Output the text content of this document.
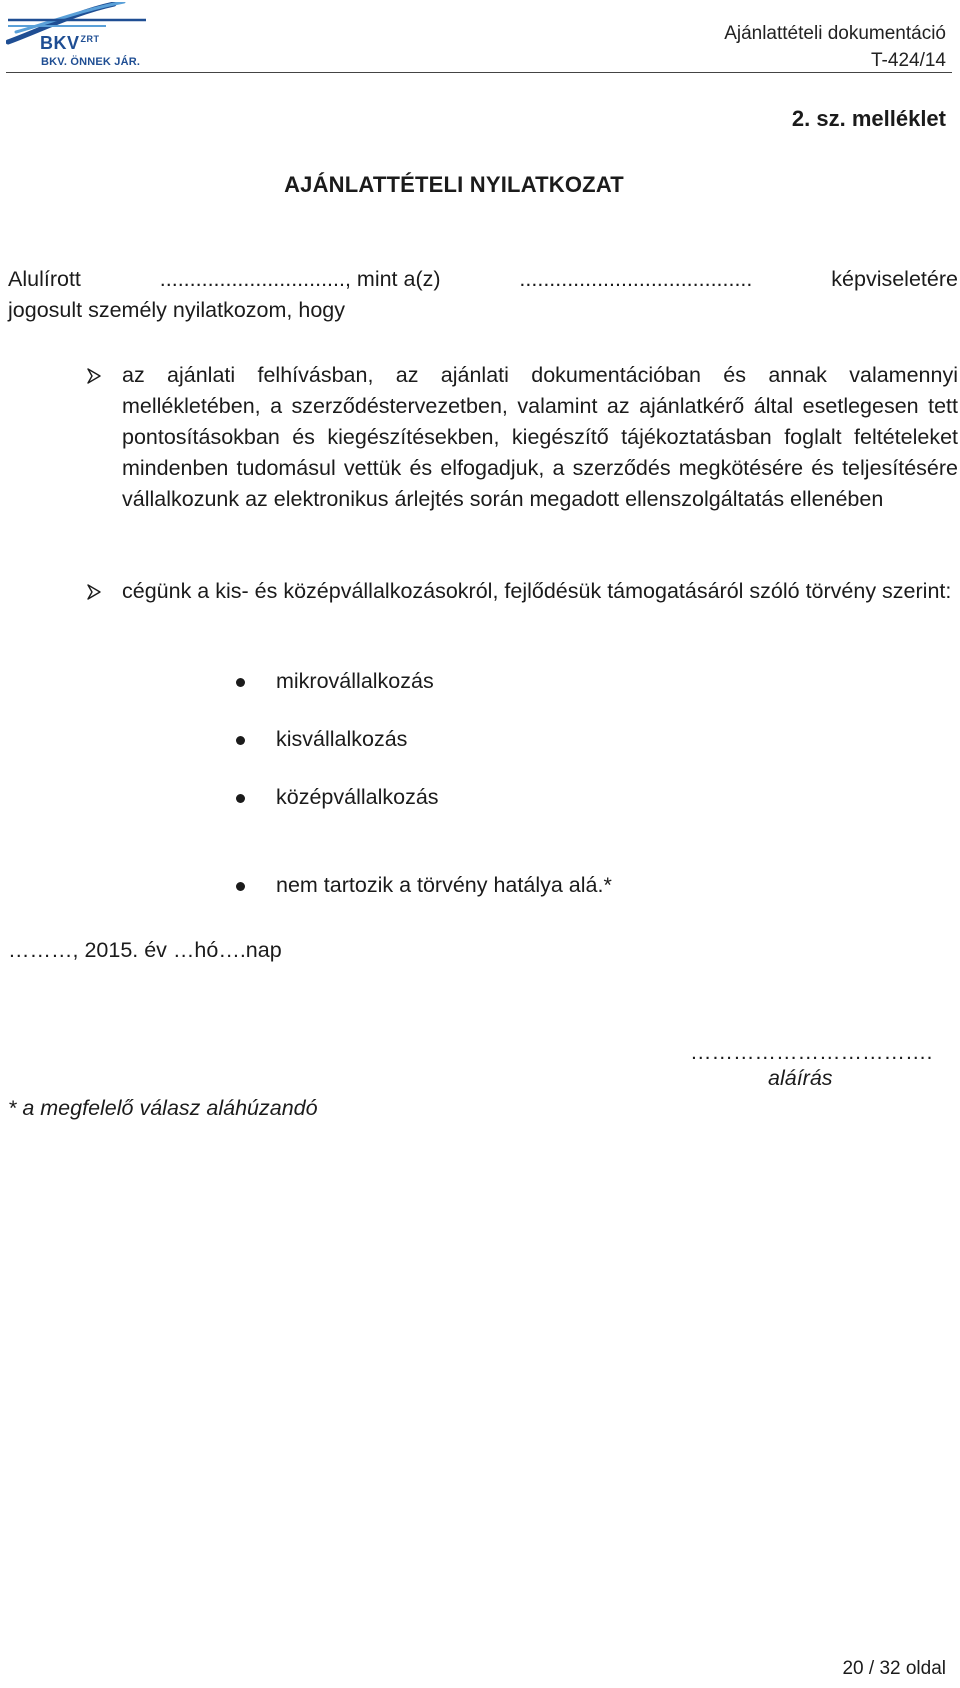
$BKV^{ZRT}$
BKV. ÖNNEK JÁR.
Ajánlattételi dokumentáció
T-424/14
2. sz. melléklet
AJÁNLATTÉTELI NYILATKOZAT
Alulírott	..............................., mint a(z)	.......................................	képviseletére
jogosult személy nyilatkozom, hogy
az ajánlati felhívásban, az ajánlati dokumentációban és annak valamennyi mellékletében, a szerződéstervezetben, valamint az ajánlatkérő által esetlegesen tett pontosításokban és kiegészítésekben, kiegészítő tájékoztatásban foglalt feltételeket mindenben tudomásul vettük és elfogadjuk, a szerződés megkötésére és teljesítésére vállalkozunk az elektronikus árlejtés során megadott ellenszolgáltatás ellenében
cégünk a kis- és középvállalkozásokról, fejlődésük támogatásáról szóló törvény szerint:
mikrovállalkozás
kisvállalkozás
középvállalkozás
nem tartozik a törvény hatálya alá.*
………, 2015. év …hó….nap
…………………………….
aláírás
* a megfelelő válasz aláhúzandó
20 / 32 oldal
